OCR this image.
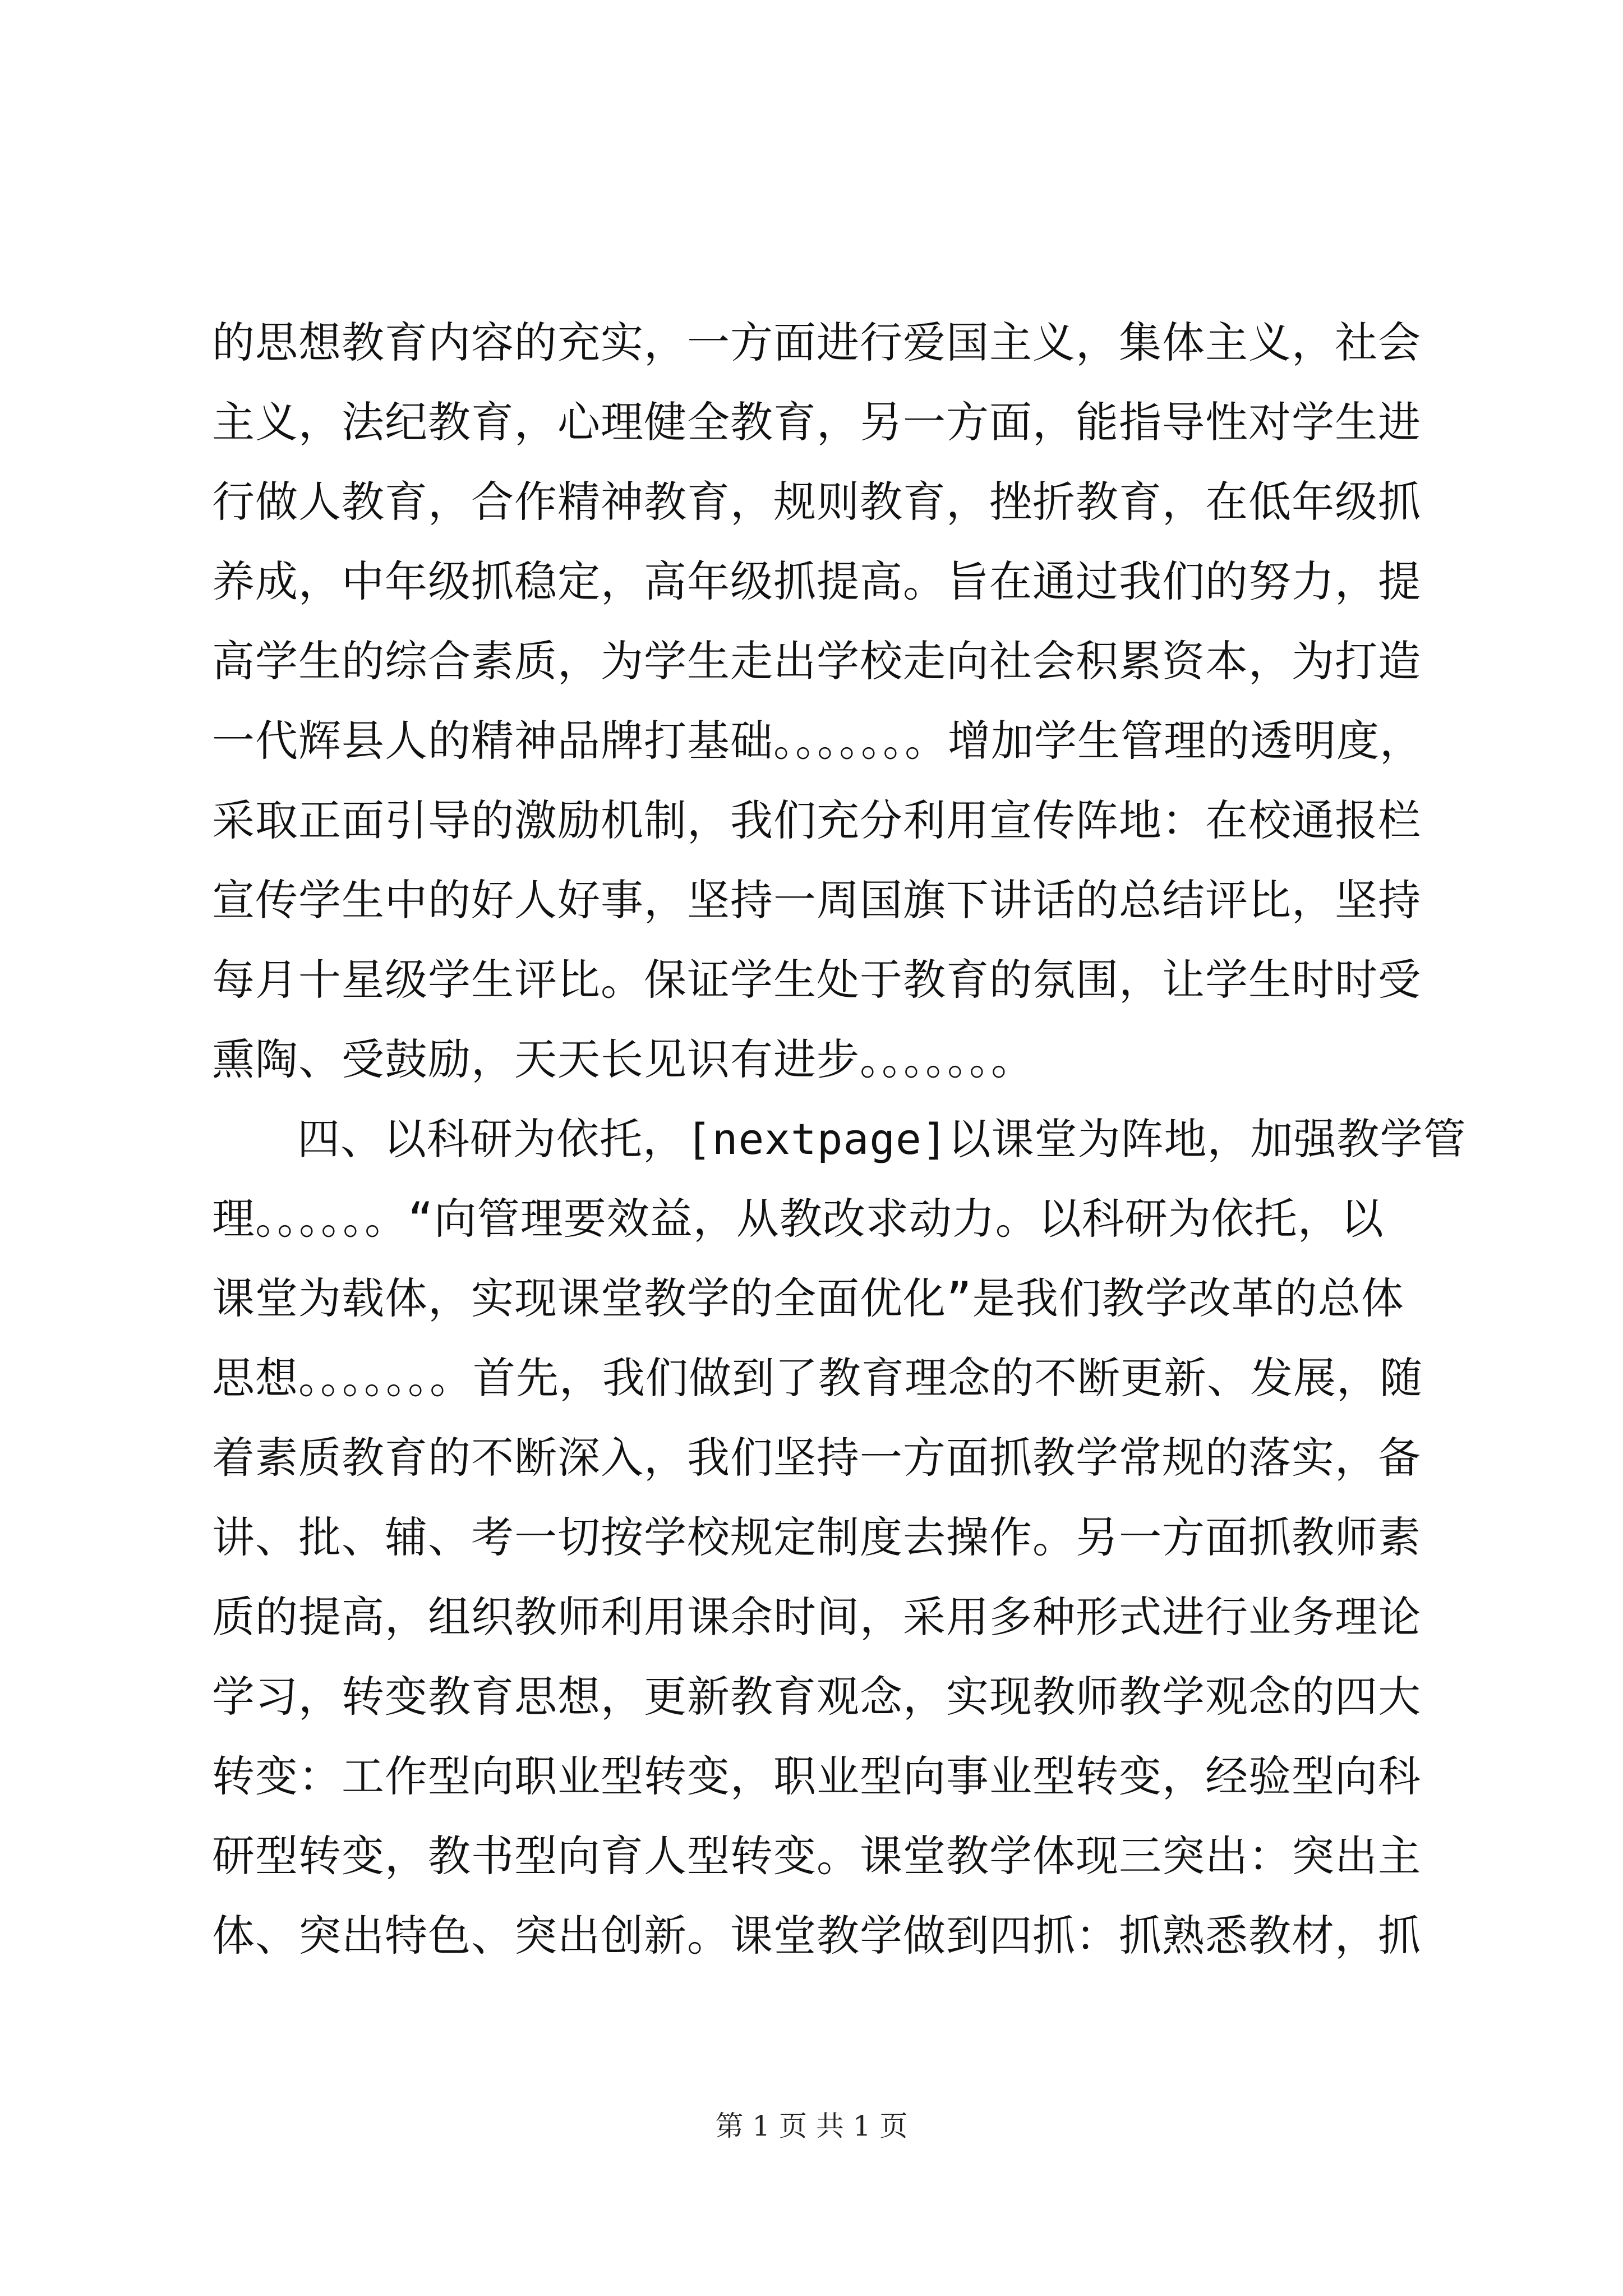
的思想教育内容的充实，一方面进行爱国主义，集体主义，社会
主义，法纪教育，心理健全教育，另一方面，能指导性对学生进
行做人教育，合作精神教育，规则教育，挫折教育，在低年级抓
养成，中年级抓稳定，高年级抓提高。旨在通过我们的努力，提
高学生的综合素质，为学生走出学校走向社会积累资本，为打造
一代辉县人的精神品牌打基础。。。。。。。增加学生管理的透明度，
采取正面引导的激励机制，我们充分利用宣传阵地：在校通报栏
宣传学生中的好人好事，坚持一周国旗下讲话的总结评比，坚持
每月十星级学生评比。保证学生处于教育的氛围，让学生时时受
熏陶、受鼓励，天天长见识有进步。。。。。。。
四、以科研为依托，[nextpage]以课堂为阵地，加强教学管
理。。。。。。“向管理要效益，从教改求动力。以科研为依托，以
课堂为载体，实现课堂教学的全面优化”是我们教学改革的总体
思想。。。。。。。首先，我们做到了教育理念的不断更新、发展，随
着素质教育的不断深入，我们坚持一方面抓教学常规的落实，备
讲、批、辅、考一切按学校规定制度去操作。另一方面抓教师素
质的提高，组织教师利用课余时间，采用多种形式进行业务理论
学习，转变教育思想，更新教育观念，实现教师教学观念的四大
转变：工作型向职业型转变，职业型向事业型转变，经验型向科
研型转变，教书型向育人型转变。课堂教学体现三突出：突出主
体、突出特色、突出创新。课堂教学做到四抓：抓熟悉教材，抓
第 1 页 共 1 页
